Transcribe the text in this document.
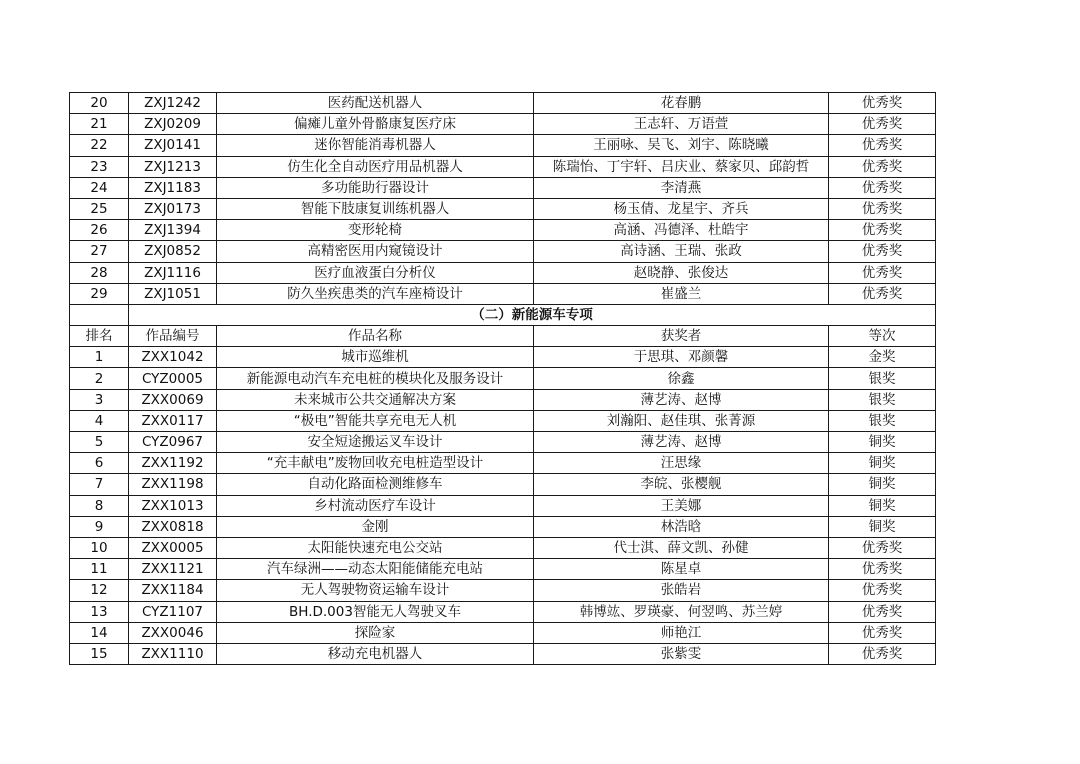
20	ZXJ1242	医药配送机器人	花春鹏	优秀奖
21	ZXJ0209	偏瘫儿童外骨骼康复医疗床	王志轩、万语萱	优秀奖
22	ZXJ0141	迷你智能消毒机器人	王丽咏、吴飞、刘宇、陈晓曦	优秀奖
23	ZXJ1213	仿生化全自动医疗用品机器人	陈瑞怡、丁宇轩、吕庆业、蔡家贝、邱韵哲	优秀奖
24	ZXJ1183	多功能助行器设计	李清燕	优秀奖
25	ZXJ0173	智能下肢康复训练机器人	杨玉倩、龙星宇、齐兵	优秀奖
26	ZXJ1394	变形轮椅	高涵、冯德泽、杜皓宇	优秀奖
27	ZXJ0852	高精密医用内窥镜设计	高诗涵、王瑞、张政	优秀奖
28	ZXJ1116	医疗血液蛋白分析仪	赵晓静、张俊达	优秀奖
29	ZXJ1051	防久坐疾患类的汽车座椅设计	崔盛兰	优秀奖
	（二）新能源车专项			
排名	作品编号	作品名称	获奖者	等次
1	ZXX1042	城市巡维机	于思琪、邓颜馨	金奖
2	CYZ0005	新能源电动汽车充电桩的模块化及服务设计	徐鑫	银奖
3	ZXX0069	未来城市公共交通解决方案	薄艺涛、赵博	银奖
4	ZXX0117	“极电”智能共享充电无人机	刘瀚阳、赵佳琪、张菁源	银奖
5	CYZ0967	安全短途搬运叉车设计	薄艺涛、赵博	铜奖
6	ZXX1192	“充丰献电”废物回收充电桩造型设计	汪思缘	铜奖
7	ZXX1198	自动化路面检测维修车	李皖、张樱舰	铜奖
8	ZXX1013	乡村流动医疗车设计	王美娜	铜奖
9	ZXX0818	金刚	林浩晗	铜奖
10	ZXX0005	太阳能快速充电公交站	代士淇、薛文凯、孙健	优秀奖
11	ZXX1121	汽车绿洲——动态太阳能储能充电站	陈星卓	优秀奖
12	ZXX1184	无人驾驶物资运输车设计	张皓岩	优秀奖
13	CYZ1107	BH.D.003智能无人驾驶叉车	韩博竑、罗瑛豪、何翌鸣、苏兰婷	优秀奖
14	ZXX0046	探险家	师艳江	优秀奖
15	ZXX1110	移动充电机器人	张紫雯	优秀奖
